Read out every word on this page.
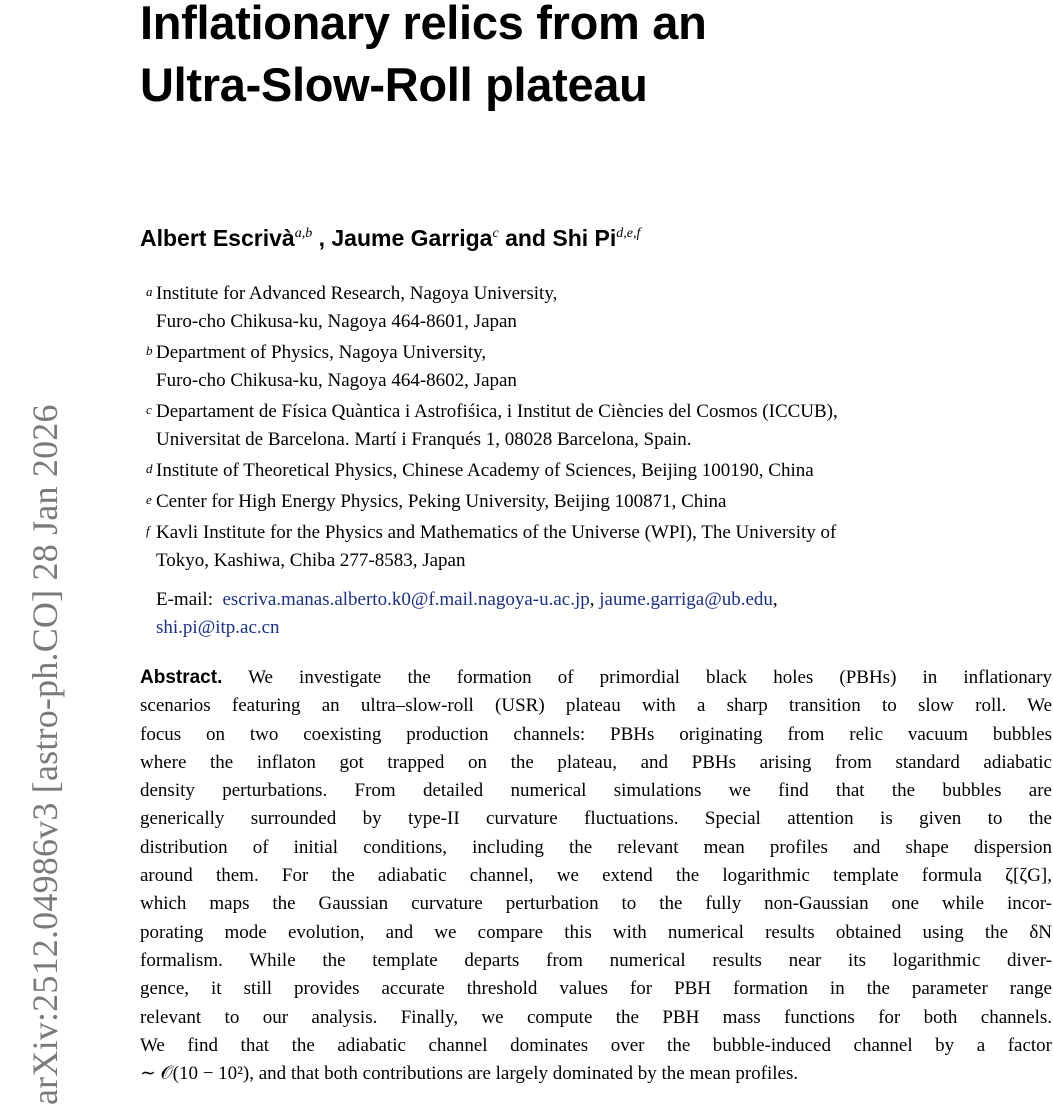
arXiv:2512.04986v3 [astro-ph.CO] 28 Jan 2026
Inflationary relics from an
Ultra-Slow-Roll plateau
Albert Escrivà$^{a,b}$ , Jaume Garriga$^c$ and Shi Pi$^{d,e,f}$
a Institute for Advanced Research, Nagoya University,
Furo-cho Chikusa-ku, Nagoya 464-8601, Japan
b Department of Physics, Nagoya University,
Furo-cho Chikusa-ku, Nagoya 464-8602, Japan
c Departament de Física Quàntica i Astrofiśica, i Institut de Ciències del Cosmos (ICCUB),
Universitat de Barcelona. Martí i Franqués 1, 08028 Barcelona, Spain.
d Institute of Theoretical Physics, Chinese Academy of Sciences, Beijing 100190, China
e Center for High Energy Physics, Peking University, Beijing 100871, China
f Kavli Institute for the Physics and Mathematics of the Universe (WPI), The University of
Tokyo, Kashiwa, Chiba 277-8583, Japan
E-mail: escriva.manas.alberto.k0@f.mail.nagoya-u.ac.jp, jaume.garriga@ub.edu,
shi.pi@itp.ac.cn
Abstract. We investigate the formation of primordial black holes (PBHs) in inflationary
scenarios featuring an ultra–slow-roll (USR) plateau with a sharp transition to slow roll. We
focus on two coexisting production channels: PBHs originating from relic vacuum bubbles
where the inflaton got trapped on the plateau, and PBHs arising from standard adiabatic
density perturbations. From detailed numerical simulations we find that the bubbles are
generically surrounded by type-II curvature fluctuations. Special attention is given to the
distribution of initial conditions, including the relevant mean profiles and shape dispersion
around them. For the adiabatic channel, we extend the logarithmic template formula ζ[ζG],
which maps the Gaussian curvature perturbation to the fully non-Gaussian one while incor-
porating mode evolution, and we compare this with numerical results obtained using the δN
formalism. While the template departs from numerical results near its logarithmic diver-
gence, it still provides accurate threshold values for PBH formation in the parameter range
relevant to our analysis. Finally, we compute the PBH mass functions for both channels.
We find that the adiabatic channel dominates over the bubble-induced channel by a factor
∼ 𝒪(10 − 10²), and that both contributions are largely dominated by the mean profiles.
